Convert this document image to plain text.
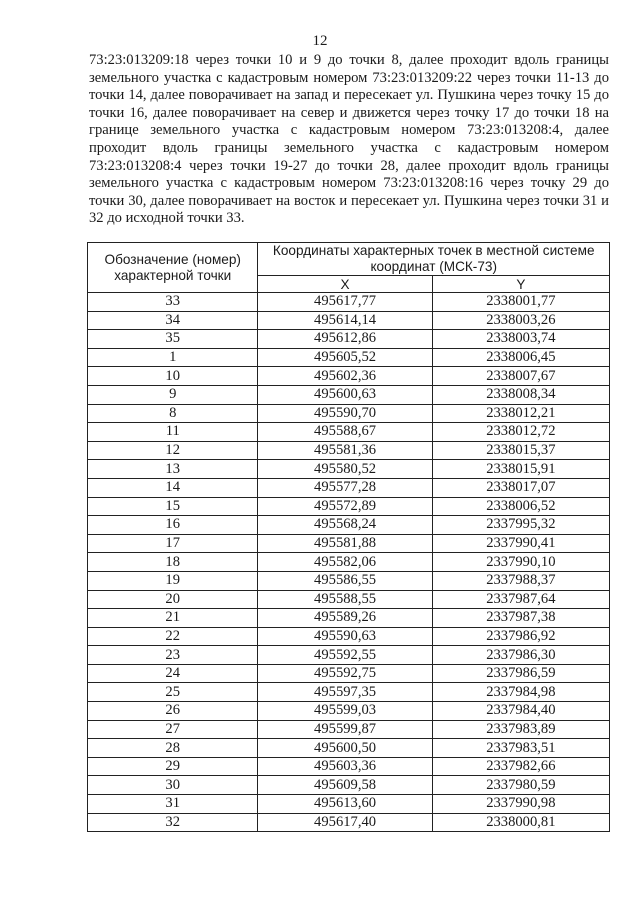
12

73:23:013209:18 через точки 10 и 9 до точки 8, далее проходит вдоль границы земельного участка с кадастровым номером 73:23:013209:22 через точки 11-13 до точки 14, далее поворачивает на запад и пересекает ул. Пушкина через точку 15 до точки 16, далее поворачивает на север и движется через точку 17 до точки 18 на границе земельного участка с кадастровым номером 73:23:013208:4, далее проходит вдоль границы земельного участка с кадастровым номером 73:23:013208:4 через точки 19-27 до точки 28, далее проходит вдоль границы земельного участка с кадастровым номером 73:23:013208:16 через точку 29 до точки 30, далее поворачивает на восток и пересекает ул. Пушкина через точки 31 и 32 до исходной точки 33.

Обозначение (номер) характерной точки	Координаты характерных точек в местной системе координат (МСК-73)	
	X	Y
33	495617,77	2338001,77
34	495614,14	2338003,26
35	495612,86	2338003,74
1	495605,52	2338006,45
10	495602,36	2338007,67
9	495600,63	2338008,34
8	495590,70	2338012,21
11	495588,67	2338012,72
12	495581,36	2338015,37
13	495580,52	2338015,91
14	495577,28	2338017,07
15	495572,89	2338006,52
16	495568,24	2337995,32
17	495581,88	2337990,41
18	495582,06	2337990,10
19	495586,55	2337988,37
20	495588,55	2337987,64
21	495589,26	2337987,38
22	495590,63	2337986,92
23	495592,55	2337986,30
24	495592,75	2337986,59
25	495597,35	2337984,98
26	495599,03	2337984,40
27	495599,87	2337983,89
28	495600,50	2337983,51
29	495603,36	2337982,66
30	495609,58	2337980,59
31	495613,60	2337990,98
32	495617,40	2338000,81
